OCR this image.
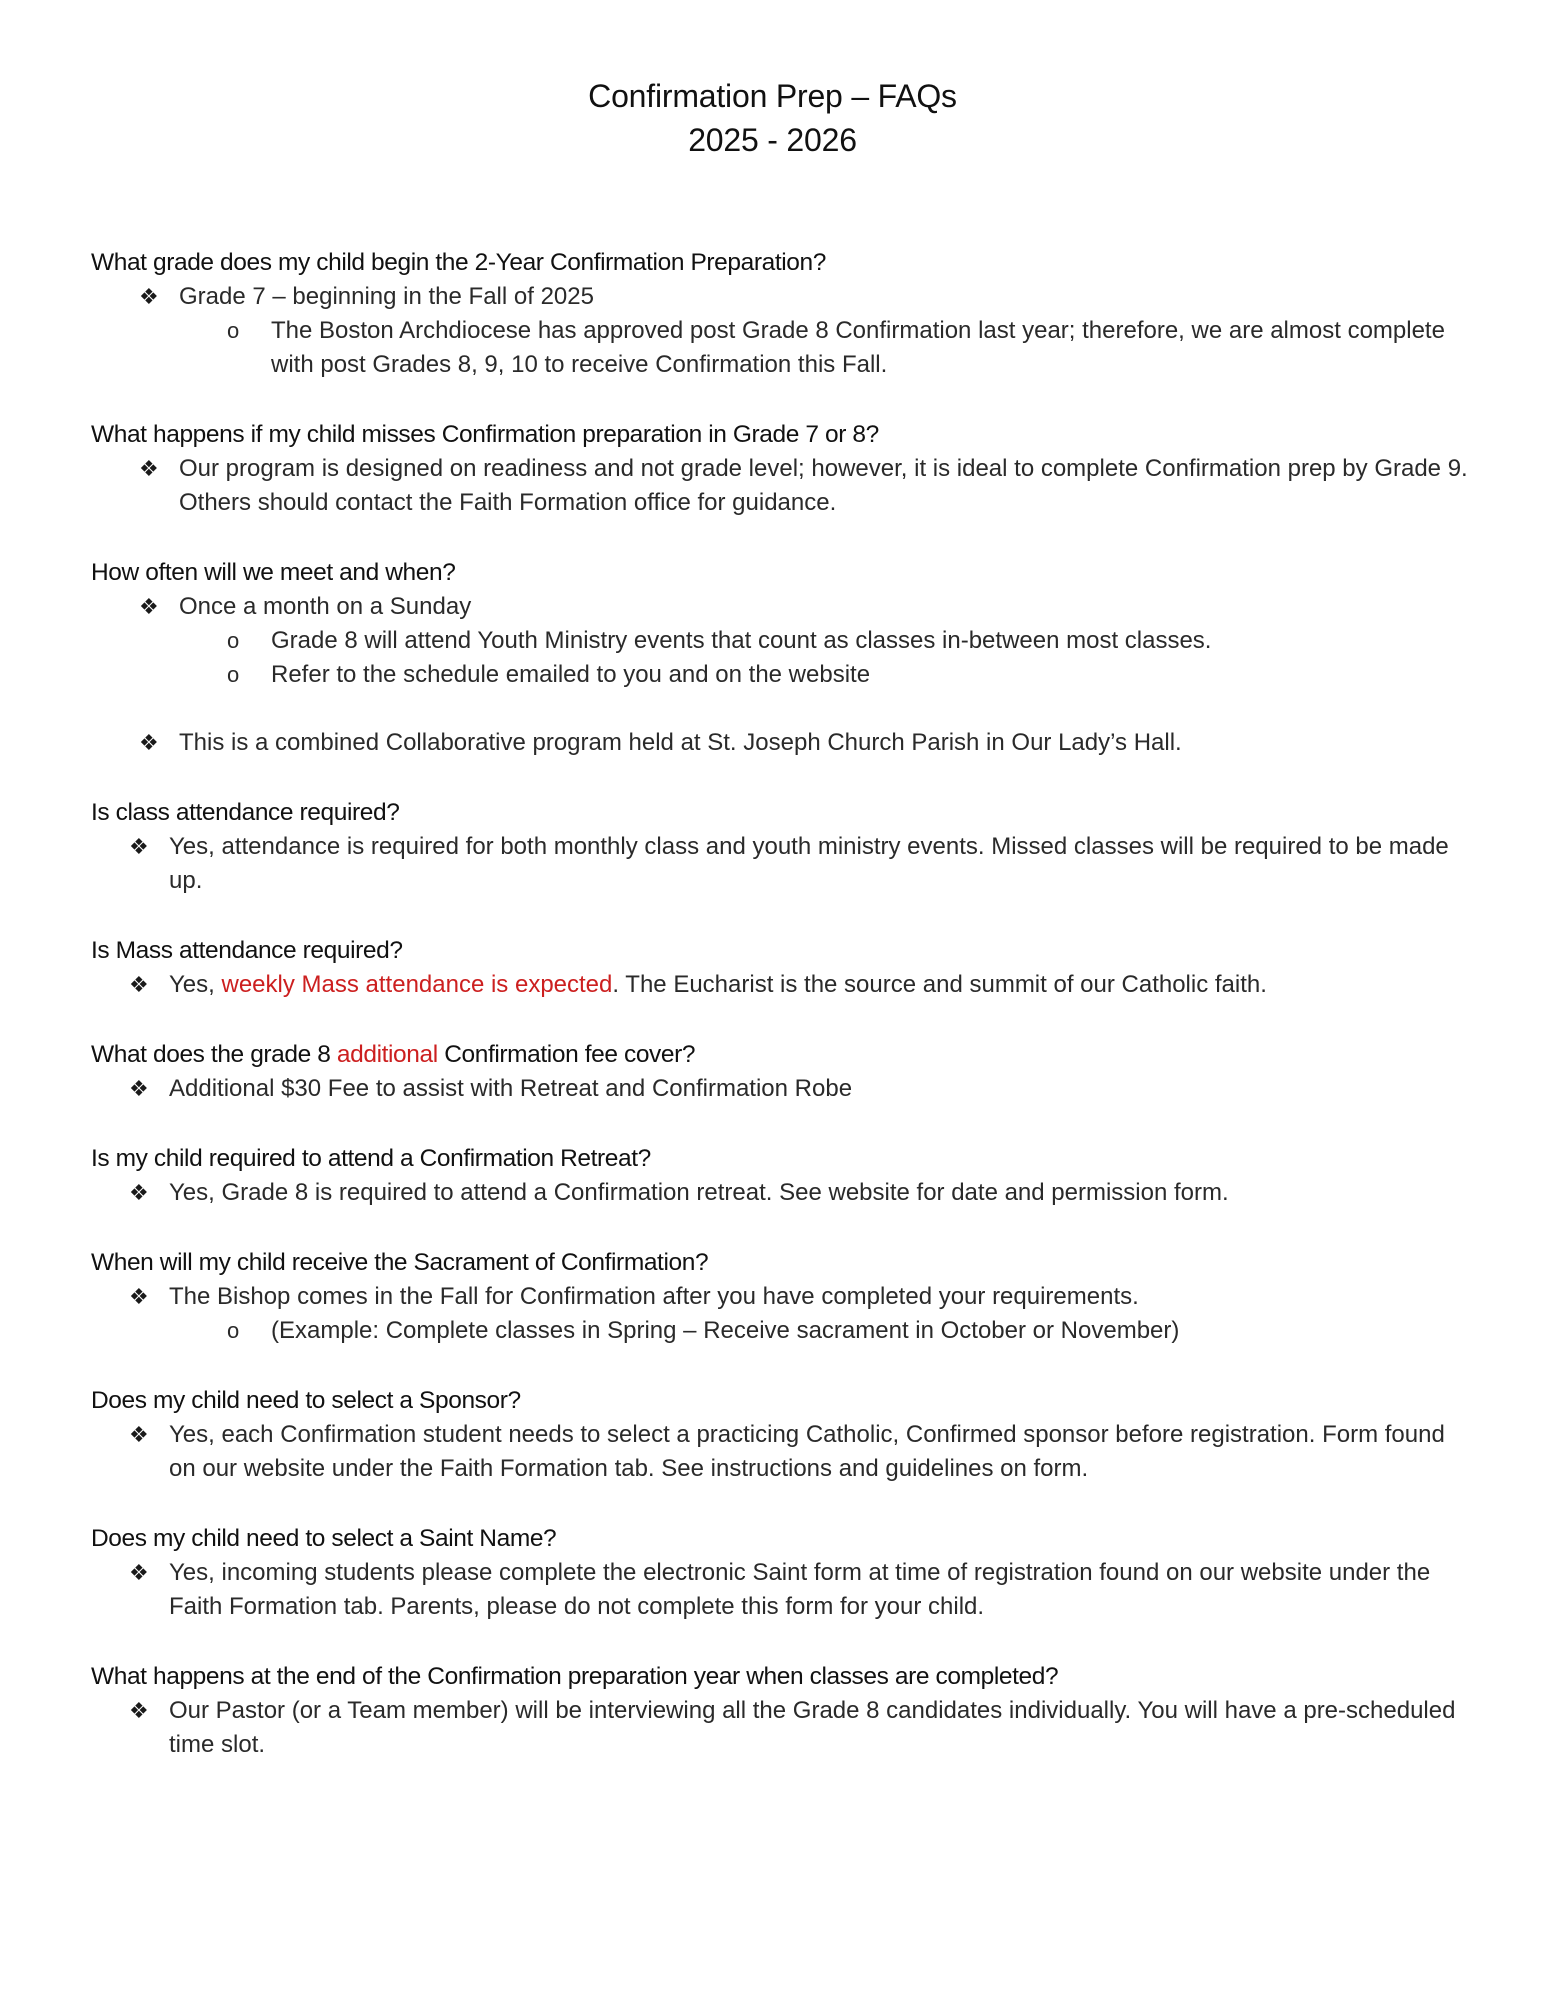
Confirmation Prep – FAQs
2025 - 2026
What grade does my child begin the 2-Year Confirmation Preparation?
❖ Grade 7 – beginning in the Fall of 2025
o The Boston Archdiocese has approved post Grade 8 Confirmation last year; therefore, we are almost complete with post Grades 8, 9, 10 to receive Confirmation this Fall.
What happens if my child misses Confirmation preparation in Grade 7 or 8?
❖ Our program is designed on readiness and not grade level; however, it is ideal to complete Confirmation prep by Grade 9. Others should contact the Faith Formation office for guidance.
How often will we meet and when?
❖ Once a month on a Sunday
o Grade 8 will attend Youth Ministry events that count as classes in-between most classes.
o Refer to the schedule emailed to you and on the website
❖ This is a combined Collaborative program held at St. Joseph Church Parish in Our Lady’s Hall.
Is class attendance required?
❖ Yes, attendance is required for both monthly class and youth ministry events. Missed classes will be required to be made up.
Is Mass attendance required?
❖ Yes, weekly Mass attendance is expected. The Eucharist is the source and summit of our Catholic faith.
What does the grade 8 additional Confirmation fee cover?
❖ Additional $30 Fee to assist with Retreat and Confirmation Robe
Is my child required to attend a Confirmation Retreat?
❖ Yes, Grade 8 is required to attend a Confirmation retreat. See website for date and permission form.
When will my child receive the Sacrament of Confirmation?
❖ The Bishop comes in the Fall for Confirmation after you have completed your requirements.
o (Example: Complete classes in Spring – Receive sacrament in October or November)
Does my child need to select a Sponsor?
❖ Yes, each Confirmation student needs to select a practicing Catholic, Confirmed sponsor before registration. Form found on our website under the Faith Formation tab. See instructions and guidelines on form.
Does my child need to select a Saint Name?
❖ Yes, incoming students please complete the electronic Saint form at time of registration found on our website under the Faith Formation tab. Parents, please do not complete this form for your child.
What happens at the end of the Confirmation preparation year when classes are completed?
❖ Our Pastor (or a Team member) will be interviewing all the Grade 8 candidates individually. You will have a pre-scheduled time slot.
